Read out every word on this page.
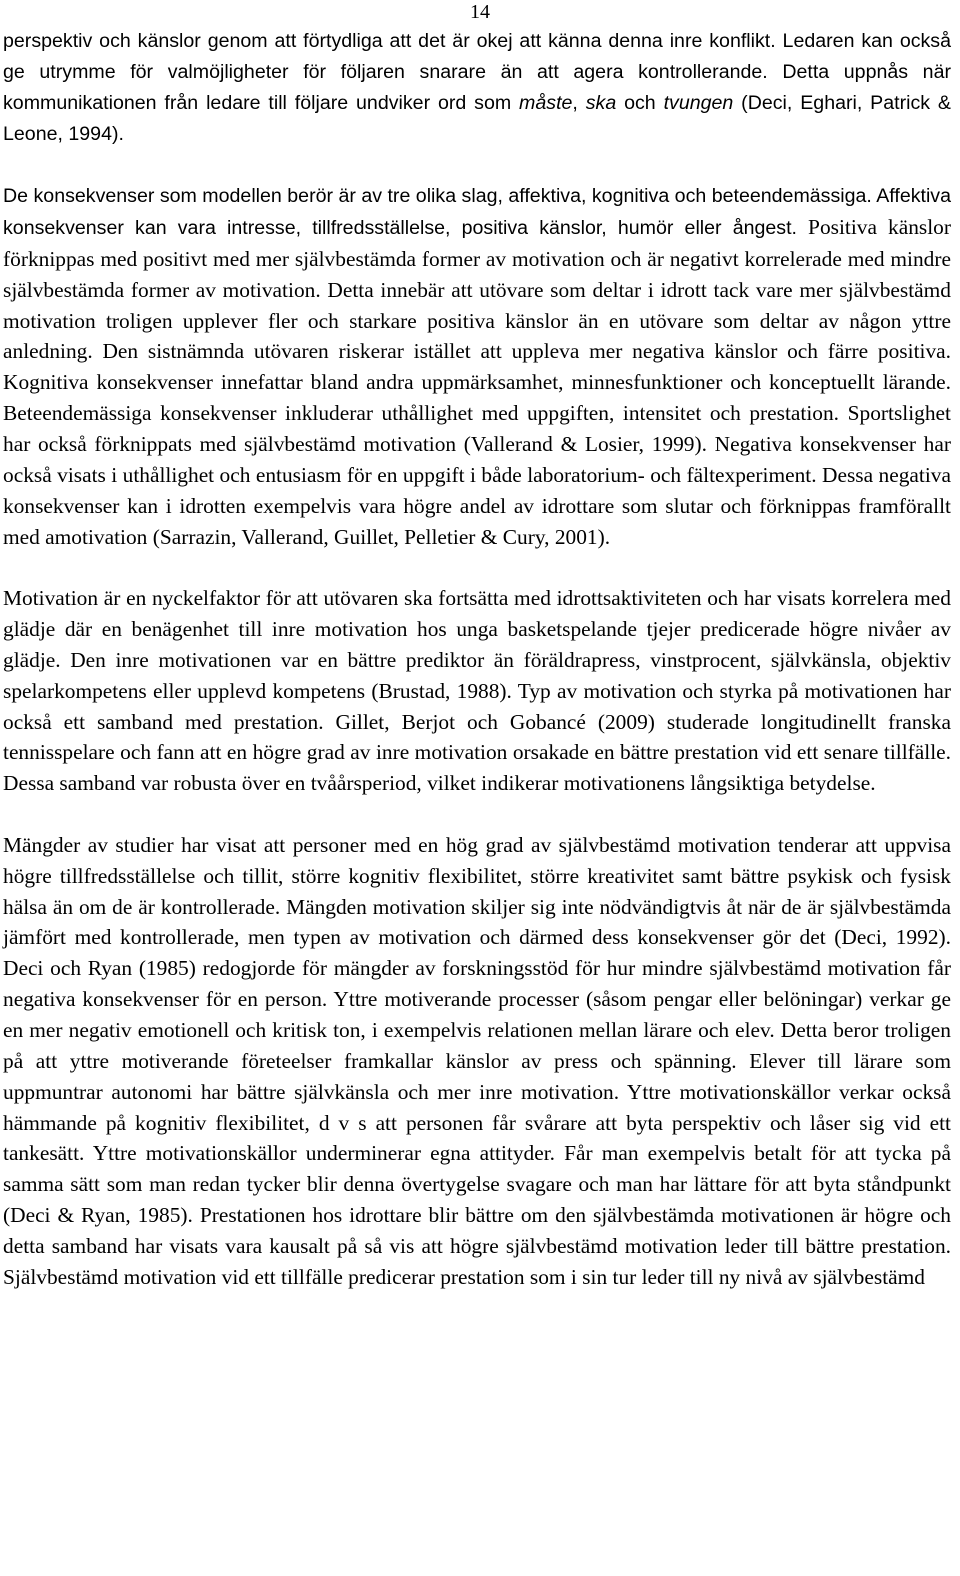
14

perspektiv och känslor genom att förtydliga att det är okej att känna denna inre konflikt. Ledaren kan också ge utrymme för valmöjligheter för följaren snarare än att agera kontrollerande. Detta uppnås när kommunikationen från ledare till följare undviker ord som måste, ska och tvungen (Deci, Eghari, Patrick & Leone, 1994).

De konsekvenser som modellen berör är av tre olika slag, affektiva, kognitiva och beteendemässiga. Affektiva konsekvenser kan vara intresse, tillfredsställelse, positiva känslor, humör eller ångest. Positiva känslor förknippas med positivt med mer självbestämda former av motivation och är negativt korrelerade med mindre självbestämda former av motivation. Detta innebär att utövare som deltar i idrott tack vare mer självbestämd motivation troligen upplever fler och starkare positiva känslor än en utövare som deltar av någon yttre anledning. Den sistnämnda utövaren riskerar istället att uppleva mer negativa känslor och färre positiva. Kognitiva konsekvenser innefattar bland andra uppmärksamhet, minnesfunktioner och konceptuellt lärande. Beteendemässiga konsekvenser inkluderar uthållighet med uppgiften, intensitet och prestation. Sportslighet har också förknippats med självbestämd motivation (Vallerand & Losier, 1999). Negativa konsekvenser har också visats i uthållighet och entusiasm för en uppgift i både laboratorium- och fältexperiment. Dessa negativa konsekvenser kan i idrotten exempelvis vara högre andel av idrottare som slutar och förknippas framförallt med amotivation (Sarrazin, Vallerand, Guillet, Pelletier & Cury, 2001).

Motivation är en nyckelfaktor för att utövaren ska fortsätta med idrottsaktiviteten och har visats korrelera med glädje där en benägenhet till inre motivation hos unga basketspelande tjejer predicerade högre nivåer av glädje. Den inre motivationen var en bättre prediktor än föräldrapress, vinstprocent, självkänsla, objektiv spelarkompetens eller upplevd kompetens (Brustad, 1988). Typ av motivation och styrka på motivationen har också ett samband med prestation. Gillet, Berjot och Gobancé (2009) studerade longitudinellt franska tennisspelare och fann att en högre grad av inre motivation orsakade en bättre prestation vid ett senare tillfälle. Dessa samband var robusta över en tvåårsperiod, vilket indikerar motivationens långsiktiga betydelse.

Mängder av studier har visat att personer med en hög grad av självbestämd motivation tenderar att uppvisa högre tillfredsställelse och tillit, större kognitiv flexibilitet, större kreativitet samt bättre psykisk och fysisk hälsa än om de är kontrollerade. Mängden motivation skiljer sig inte nödvändigtvis åt när de är självbestämda jämfört med kontrollerade, men typen av motivation och därmed dess konsekvenser gör det (Deci, 1992). Deci och Ryan (1985) redogjorde för mängder av forskningsstöd för hur mindre självbestämd motivation får negativa konsekvenser för en person. Yttre motiverande processer (såsom pengar eller belöningar) verkar ge en mer negativ emotionell och kritisk ton, i exempelvis relationen mellan lärare och elev. Detta beror troligen på att yttre motiverande företeelser framkallar känslor av press och spänning. Elever till lärare som uppmuntrar autonomi har bättre självkänsla och mer inre motivation. Yttre motivationskällor verkar också hämmande på kognitiv flexibilitet, d v s att personen får svårare att byta perspektiv och låser sig vid ett tankesätt. Yttre motivationskällor underminerar egna attityder. Får man exempelvis betalt för att tycka på samma sätt som man redan tycker blir denna övertygelse svagare och man har lättare för att byta ståndpunkt (Deci & Ryan, 1985). Prestationen hos idrottare blir bättre om den självbestämda motivationen är högre och detta samband har visats vara kausalt på så vis att högre självbestämd motivation leder till bättre prestation. Självbestämd motivation vid ett tillfälle predicerar prestation som i sin tur leder till ny nivå av självbestämd
